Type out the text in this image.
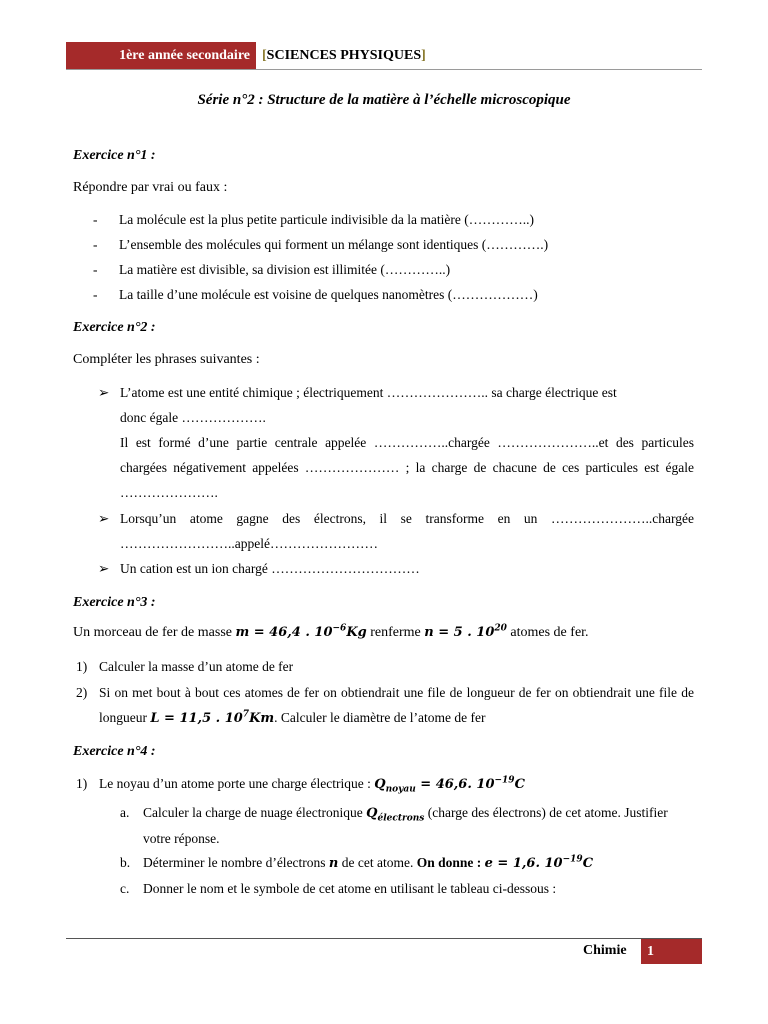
1ère année secondaire [SCIENCES PHYSIQUES]
Série n°2 : Structure de la matière à l’échelle microscopique
Exercice n°1 :
Répondre par vrai ou faux :
- La molécule est la plus petite particule indivisible da la matière (…………..)
- L’ensemble des molécules qui forment un mélange sont identiques (………….)
- La matière est divisible, sa division est illimitée (…………..)
- La taille d’une molécule est voisine de quelques nanomètres (………………)
Exercice n°2 :
Compléter les phrases suivantes :
➢ L’atome est une entité chimique ; électriquement ………………….. sa charge électrique est
donc égale ……………….
Il est formé d’une partie centrale appelée ……………..chargée …………………..et des particules chargées négativement appelées ………………… ; la charge de chacune de ces particules est égale ………………….
➢ Lorsqu’un atome gagne des électrons, il se transforme en un …………………..chargée ……………………..appelé……………………
➢ Un cation est un ion chargé ……………………………
Exercice n°3 :
Un morceau de fer de masse m = 46,4 . $10^{-6}Kg$ renferme n = 5 . $10^{20}$ atomes de fer.
1) Calculer la masse d’un atome de fer
2) Si on met bout à bout ces atomes de fer on obtiendrait une file de longueur de fer on obtiendrait une file de longueur L = 11,5 . $10^7Km$. Calculer le diamètre de l’atome de fer
Exercice n°4 :
1) Le noyau d’un atome porte une charge électrique : $Q_{noyau} = 46,6$. $10^{-19}C$
a. Calculer la charge de nuage électronique $Q_{électrons}$ (charge des électrons) de cet atome. Justifier votre réponse.
b. Déterminer le nombre d’électrons n de cet atome. On donne : e = 1,6. $10^{-19}C$
c. Donner le nom et le symbole de cet atome en utilisant le tableau ci-dessous :
Chimie	1
